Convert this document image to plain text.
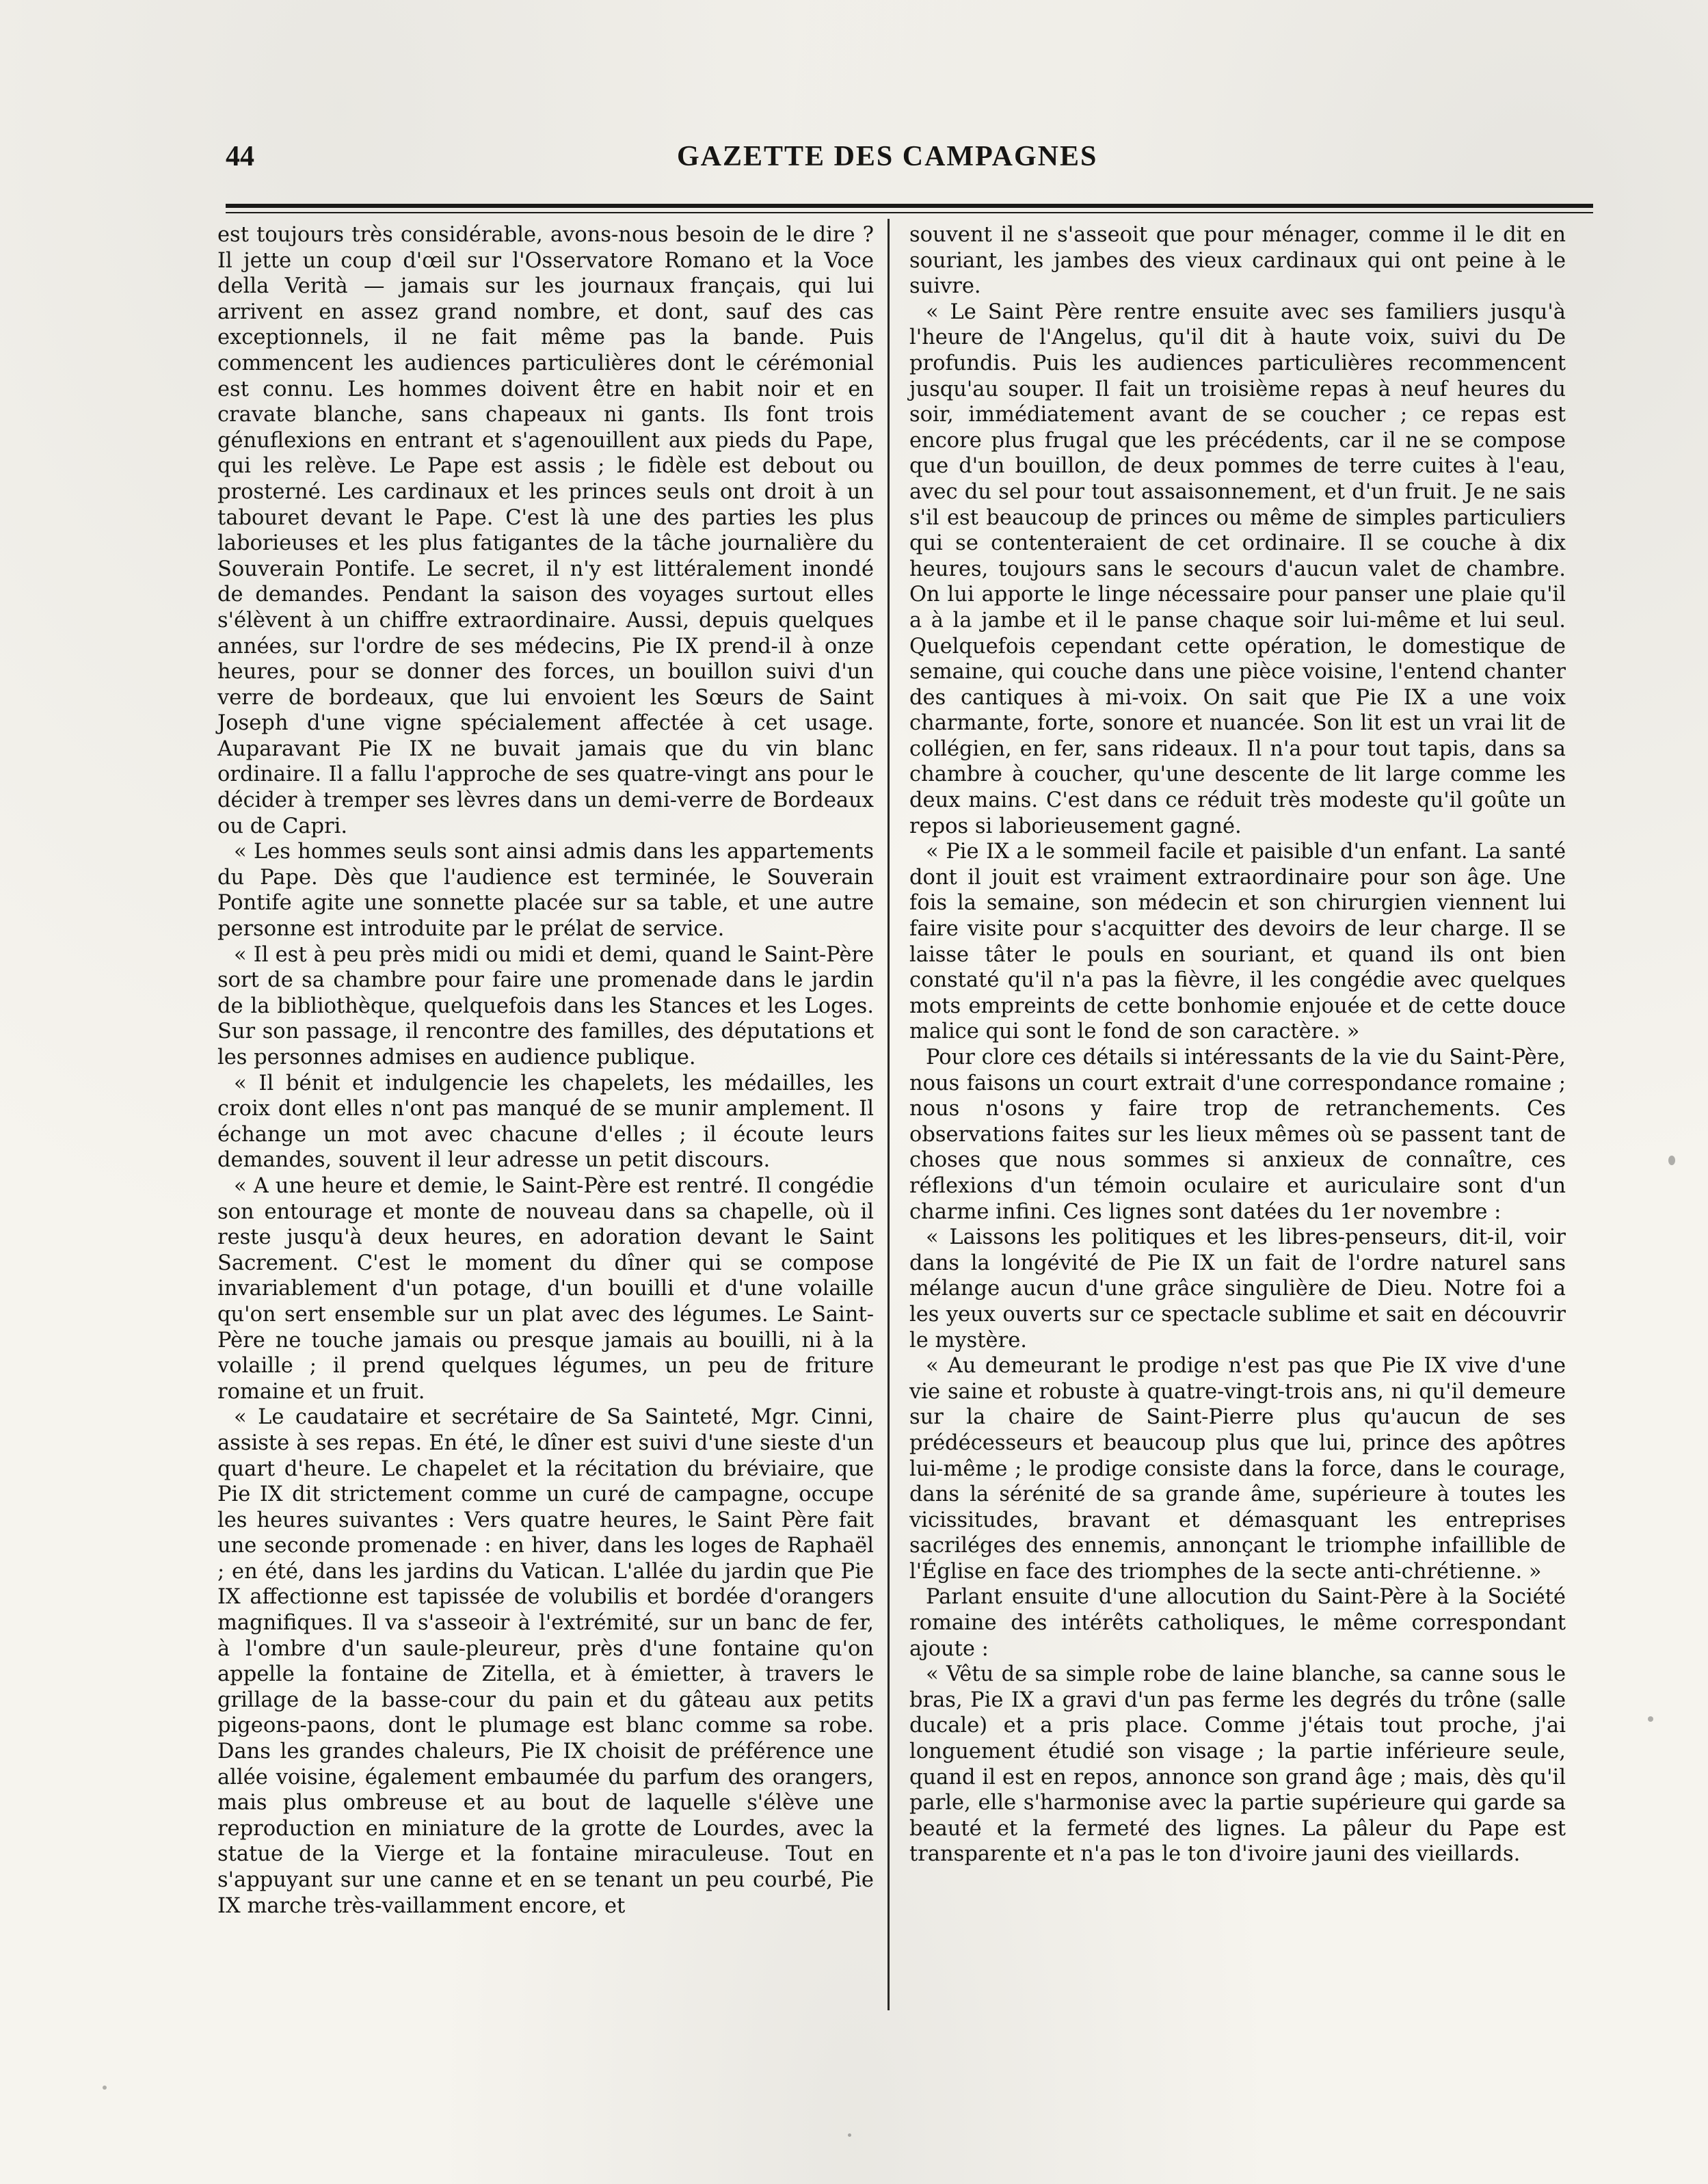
44	GAZETTE DES CAMPAGNES

est toujours très considérable, avons-nous besoin de le dire ? Il jette un coup d'œil sur l'Osservatore Romano et la Voce della Verità — jamais sur les journaux français, qui lui arrivent en assez grand nombre, et dont, sauf des cas exceptionnels, il ne fait même pas la bande. Puis commencent les audiences particulières dont le cérémonial est connu. Les hommes doivent être en habit noir et en cravate blanche, sans chapeaux ni gants. Ils font trois génuflexions en entrant et s'agenouillent aux pieds du Pape, qui les relève. Le Pape est assis ; le fidèle est debout ou prosterné. Les cardinaux et les princes seuls ont droit à un tabouret devant le Pape. C'est là une des parties les plus laborieuses et les plus fatigantes de la tâche journalière du Souverain Pontife. Le secret, il n'y est littéralement inondé de demandes. Pendant la saison des voyages surtout elles s'élèvent à un chiffre extraordinaire. Aussi, depuis quelques années, sur l'ordre de ses médecins, Pie IX prend-il à onze heures, pour se donner des forces, un bouillon suivi d'un verre de bordeaux, que lui envoient les Sœurs de Saint Joseph d'une vigne spécialement affectée à cet usage. Auparavant Pie IX ne buvait jamais que du vin blanc ordinaire. Il a fallu l'approche de ses quatre-vingt ans pour le décider à tremper ses lèvres dans un demi-verre de Bordeaux ou de Capri.

« Les hommes seuls sont ainsi admis dans les appartements du Pape. Dès que l'audience est terminée, le Souverain Pontife agite une sonnette placée sur sa table, et une autre personne est introduite par le prélat de service.

« Il est à peu près midi ou midi et demi, quand le Saint-Père sort de sa chambre pour faire une promenade dans le jardin de la bibliothèque, quelquefois dans les Stances et les Loges. Sur son passage, il rencontre des familles, des députations et les personnes admises en audience publique.

« Il bénit et indulgencie les chapelets, les médailles, les croix dont elles n'ont pas manqué de se munir amplement. Il échange un mot avec chacune d'elles ; il écoute leurs demandes, souvent il leur adresse un petit discours.

« A une heure et demie, le Saint-Père est rentré. Il congédie son entourage et monte de nouveau dans sa chapelle, où il reste jusqu'à deux heures, en adoration devant le Saint Sacrement. C'est le moment du dîner qui se compose invariablement d'un potage, d'un bouilli et d'une volaille qu'on sert ensemble sur un plat avec des légumes. Le Saint-Père ne touche jamais ou presque jamais au bouilli, ni à la volaille ; il prend quelques légumes, un peu de friture romaine et un fruit.

« Le caudataire et secrétaire de Sa Sainteté, Mgr. Cinni, assiste à ses repas. En été, le dîner est suivi d'une sieste d'un quart d'heure. Le chapelet et la récitation du bréviaire, que Pie IX dit strictement comme un curé de campagne, occupe les heures suivantes : Vers quatre heures, le Saint Père fait une seconde promenade : en hiver, dans les loges de Raphaël ; en été, dans les jardins du Vatican. L'allée du jardin que Pie IX affectionne est tapissée de volubilis et bordée d'orangers magnifiques. Il va s'asseoir à l'extrémité, sur un banc de fer, à l'ombre d'un saule-pleureur, près d'une fontaine qu'on appelle la fontaine de Zitella, et à émietter, à travers le grillage de la basse-cour du pain et du gâteau aux petits pigeons-paons, dont le plumage est blanc comme sa robe. Dans les grandes chaleurs, Pie IX choisit de préférence une allée voisine, également embaumée du parfum des orangers, mais plus ombreuse et au bout de laquelle s'élève une reproduction en miniature de la grotte de Lourdes, avec la statue de la Vierge et la fontaine miraculeuse. Tout en s'appuyant sur une canne et en se tenant un peu courbé, Pie IX marche très-vaillamment encore, et

souvent il ne s'asseoit que pour ménager, comme il le dit en souriant, les jambes des vieux cardinaux qui ont peine à le suivre.

« Le Saint Père rentre ensuite avec ses familiers jusqu'à l'heure de l'Angelus, qu'il dit à haute voix, suivi du De profundis. Puis les audiences particulières recommencent jusqu'au souper. Il fait un troisième repas à neuf heures du soir, immédiatement avant de se coucher ; ce repas est encore plus frugal que les précédents, car il ne se compose que d'un bouillon, de deux pommes de terre cuites à l'eau, avec du sel pour tout assaisonnement, et d'un fruit. Je ne sais s'il est beaucoup de princes ou même de simples particuliers qui se contenteraient de cet ordinaire. Il se couche à dix heures, toujours sans le secours d'aucun valet de chambre. On lui apporte le linge nécessaire pour panser une plaie qu'il a à la jambe et il le panse chaque soir lui-même et lui seul. Quelquefois cependant cette opération, le domestique de semaine, qui couche dans une pièce voisine, l'entend chanter des cantiques à mi-voix. On sait que Pie IX a une voix charmante, forte, sonore et nuancée. Son lit est un vrai lit de collégien, en fer, sans rideaux. Il n'a pour tout tapis, dans sa chambre à coucher, qu'une descente de lit large comme les deux mains. C'est dans ce réduit très modeste qu'il goûte un repos si laborieusement gagné.

« Pie IX a le sommeil facile et paisible d'un enfant. La santé dont il jouit est vraiment extraordinaire pour son âge. Une fois la semaine, son médecin et son chirurgien viennent lui faire visite pour s'acquitter des devoirs de leur charge. Il se laisse tâter le pouls en souriant, et quand ils ont bien constaté qu'il n'a pas la fièvre, il les congédie avec quelques mots empreints de cette bonhomie enjouée et de cette douce malice qui sont le fond de son caractère. »

Pour clore ces détails si intéressants de la vie du Saint-Père, nous faisons un court extrait d'une correspondance romaine ; nous n'osons y faire trop de retranchements. Ces observations faites sur les lieux mêmes où se passent tant de choses que nous sommes si anxieux de connaître, ces réflexions d'un témoin oculaire et auriculaire sont d'un charme infini. Ces lignes sont datées du 1er novembre :

« Laissons les politiques et les libres-penseurs, dit-il, voir dans la longévité de Pie IX un fait de l'ordre naturel sans mélange aucun d'une grâce singulière de Dieu. Notre foi a les yeux ouverts sur ce spectacle sublime et sait en découvrir le mystère.

« Au demeurant le prodige n'est pas que Pie IX vive d'une vie saine et robuste à quatre-vingt-trois ans, ni qu'il demeure sur la chaire de Saint-Pierre plus qu'aucun de ses prédécesseurs et beaucoup plus que lui, prince des apôtres lui-même ; le prodige consiste dans la force, dans le courage, dans la sérénité de sa grande âme, supérieure à toutes les vicissitudes, bravant et démasquant les entreprises sacriléges des ennemis, annonçant le triomphe infaillible de l'Église en face des triomphes de la secte anti-chrétienne. »

Parlant ensuite d'une allocution du Saint-Père à la Société romaine des intérêts catholiques, le même correspondant ajoute :

« Vêtu de sa simple robe de laine blanche, sa canne sous le bras, Pie IX a gravi d'un pas ferme les degrés du trône (salle ducale) et a pris place. Comme j'étais tout proche, j'ai longuement étudié son visage ; la partie inférieure seule, quand il est en repos, annonce son grand âge ; mais, dès qu'il parle, elle s'harmonise avec la partie supérieure qui garde sa beauté et la fermeté des lignes. La pâleur du Pape est transparente et n'a pas le ton d'ivoire jauni des vieillards.
